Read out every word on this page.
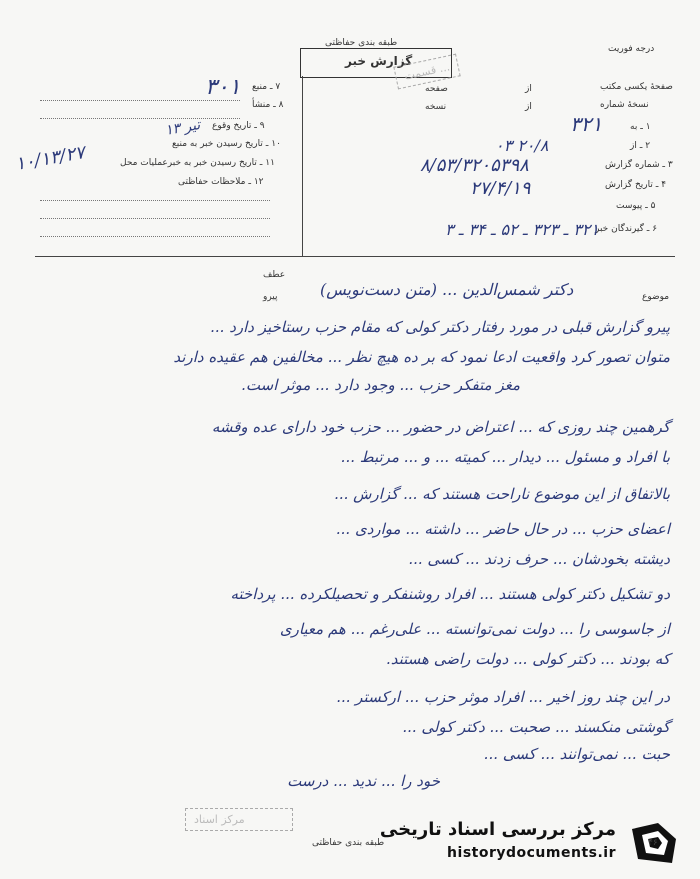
طبقه بندی حفاظتی
درجه فوریت
گزارش خبر
قسمت ...
۷ ـ منبع
۸ ـ منشأ
۹ ـ تاریخ وقوع
۱۰ ـ تاریخ رسیدن خبر به منبع
۱۱ ـ تاریخ رسیدن خبر به خبرعملیات محل
۱۲ ـ ملاحظات حفاظتی
صفحهٔ یکسی مکتب
نسخهٔ شماره
۱ ـ به
۲ ـ از
۳ ـ شماره گزارش
۴ ـ تاریخ گزارش
۵ ـ پیوست
۶ ـ گیرندگان خبر
صفحه
نسخه
از
از
۳۰۱
تیر ۱۳
۱۰/۱۳/۲۷
۳۲۱
۲۰/۸ ۰۳
۸/۵۳/۳۲۰۵۳۹۸
۲۷/۴/۱۹
۳۲۱ ـ ۳۲۳ ـ ۵۲ ـ ۳۴ ـ ۳
موضوع
عطف
پیرو	دکتر شمس‌الدین ... (متن دست‌نویس)
پیرو گزارش قبلی در مورد رفتار دکتر کولی که مقام حزب رستاخیز دارد ...
متوان تصور کرد واقعیت ادعا نمود که بر ده هیچ نظر ... مخالفین هم عقیده دارند
مغز متفکر حزب ... وجود دارد ... موثر است.
گرهمین چند روزی که ... اعتراض در حضور ... حزب خود دارای عده وقشه
با افراد و مسئول ... دیدار ... کمیته ... و ... مرتبط ...
بالاتفاق از این موضوع ناراحت هستند که ... گزارش ...
اعضای حزب ... در حال حاضر ... داشته ... مواردی ...
دیشته بخودشان ... حرف زدند ... کسی ...
دو تشکیل دکتر کولی هستند ... افراد روشنفکر و تحصیلکرده ... پرداخته
از جاسوسی را ... دولت نمی‌توانسته ... علی‌رغم ... هم معیاری
که بودند ... دکتر کولی ... دولت راضی هستند.
در این چند روز اخیر ... افراد موثر حزب ... ارکستر ...
گوشتی منکسند ... صحبت ... دکتر کولی ...
حبت ... نمی‌توانند ... کسی ...
خود را ... ندید ... درست
مرکز اسناد
طبقه بندی حفاظتی
مرکز بررسی اسناد تاریخی
historydocuments.ir
۴۶
